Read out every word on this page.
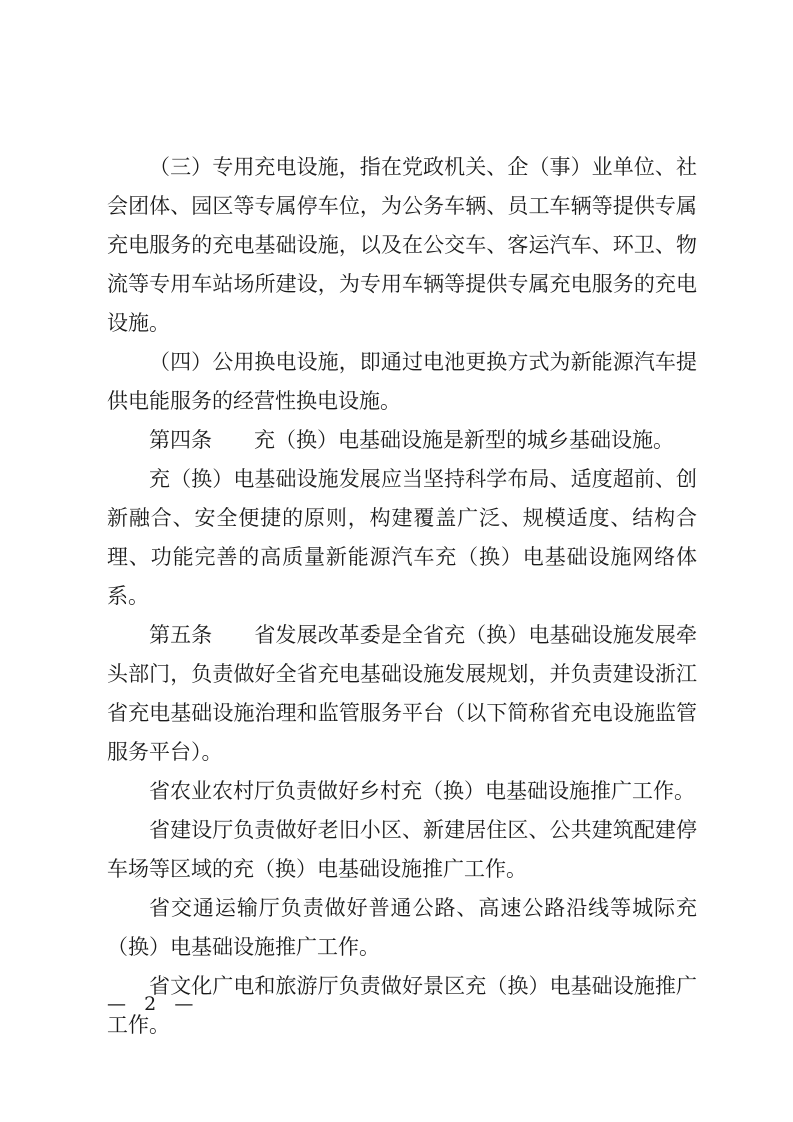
（三）专用充电设施，指在党政机关、企（事）业单位、社会团体、园区等专属停车位，为公务车辆、员工车辆等提供专属充电服务的充电基础设施，以及在公交车、客运汽车、环卫、物流等专用车站场所建设，为专用车辆等提供专属充电服务的充电设施。

（四）公用换电设施，即通过电池更换方式为新能源汽车提供电能服务的经营性换电设施。

第四条 充（换）电基础设施是新型的城乡基础设施。

充（换）电基础设施发展应当坚持科学布局、适度超前、创新融合、安全便捷的原则，构建覆盖广泛、规模适度、结构合理、功能完善的高质量新能源汽车充（换）电基础设施网络体系。

第五条 省发展改革委是全省充（换）电基础设施发展牵头部门，负责做好全省充电基础设施发展规划，并负责建设浙江省充电基础设施治理和监管服务平台（以下简称省充电设施监管服务平台）。

省农业农村厅负责做好乡村充（换）电基础设施推广工作。

省建设厅负责做好老旧小区、新建居住区、公共建筑配建停车场等区域的充（换）电基础设施推广工作。

省交通运输厅负责做好普通公路、高速公路沿线等城际充（换）电基础设施推广工作。

省文化广电和旅游厅负责做好景区充（换）电基础设施推广工作。

—   2   —
